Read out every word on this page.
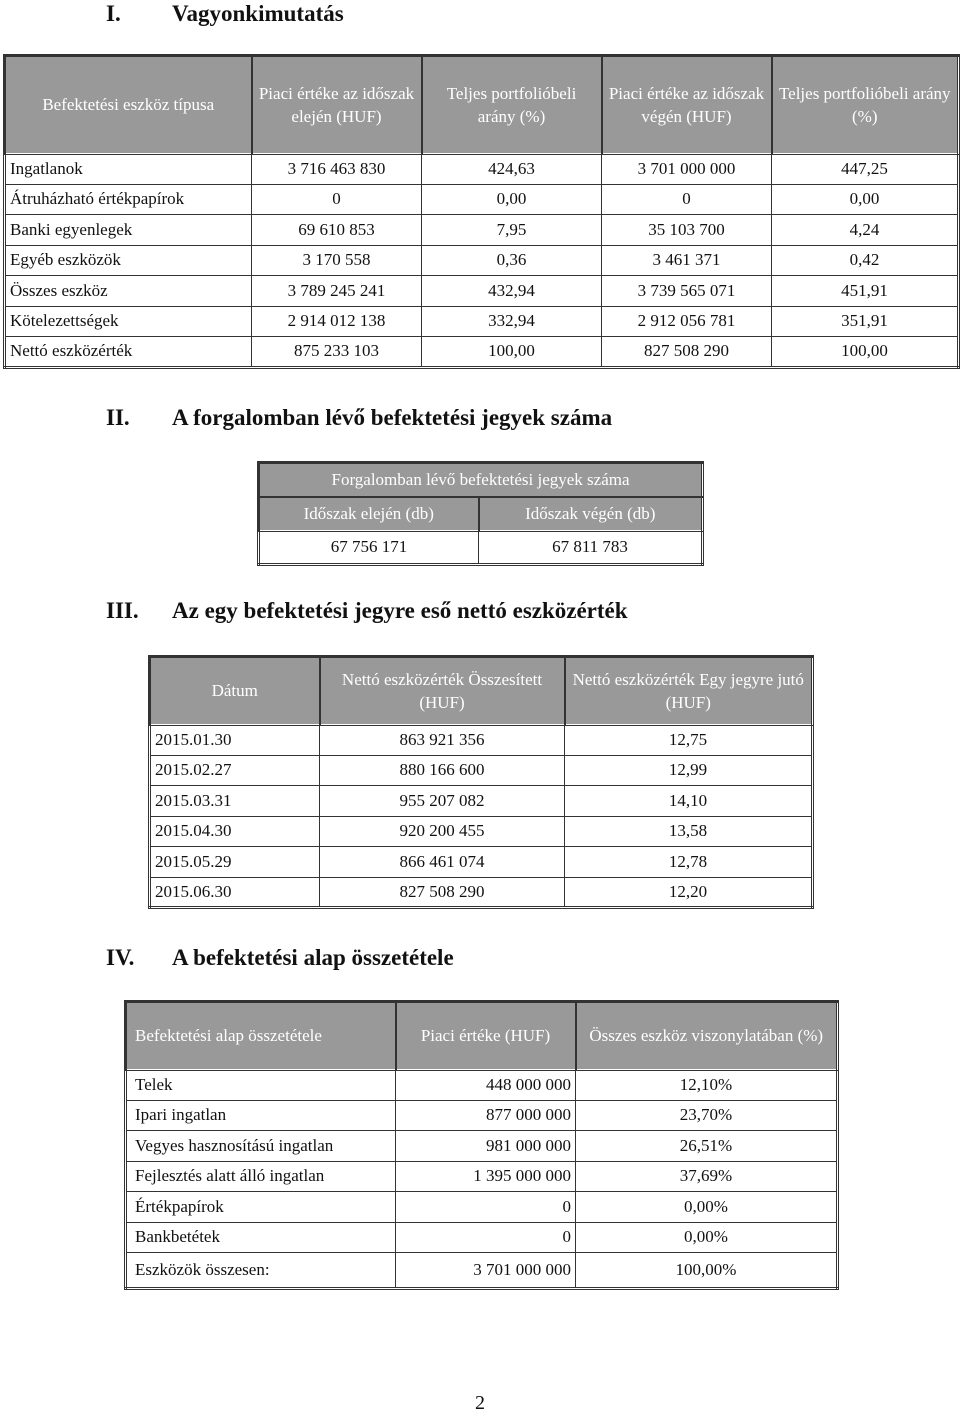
I. Vagyonkimutatás
Befektetési eszköz típusa	Piaci értéke az időszak elején (HUF)	Teljes portfolióbeli arány (%)	Piaci értéke az időszak végén (HUF)	Teljes portfolióbeli arány (%)
Ingatlanok	3 716 463 830	424,63	3 701 000 000	447,25
Átruházható értékpapírok	0	0,00	0	0,00
Banki egyenlegek	69 610 853	7,95	35 103 700	4,24
Egyéb eszközök	3 170 558	0,36	3 461 371	0,42
Összes eszköz	3 789 245 241	432,94	3 739 565 071	451,91
Kötelezettségek	2 914 012 138	332,94	2 912 056 781	351,91
Nettó eszközérték	875 233 103	100,00	827 508 290	100,00
II. A forgalomban lévő befektetési jegyek száma
Forgalomban lévő befektetési jegyek száma	
Időszak elején (db)	Időszak végén (db)
67 756 171	67 811 783
III. Az egy befektetési jegyre eső nettó eszközérték
Dátum	Nettó eszközérték Összesített (HUF)	Nettó eszközérték Egy jegyre jutó (HUF)
2015.01.30	863 921 356	12,75
2015.02.27	880 166 600	12,99
2015.03.31	955 207 082	14,10
2015.04.30	920 200 455	13,58
2015.05.29	866 461 074	12,78
2015.06.30	827 508 290	12,20
IV. A befektetési alap összetétele
Befektetési alap összetétele	Piaci értéke (HUF)	Összes eszköz viszonylatában (%)
Telek	448 000 000	12,10%
Ipari ingatlan	877 000 000	23,70%
Vegyes hasznosítású ingatlan	981 000 000	26,51%
Fejlesztés alatt álló ingatlan	1 395 000 000	37,69%
Értékpapírok	0	0,00%
Bankbetétek	0	0,00%
Eszközök összesen:	3 701 000 000	100,00%
2
